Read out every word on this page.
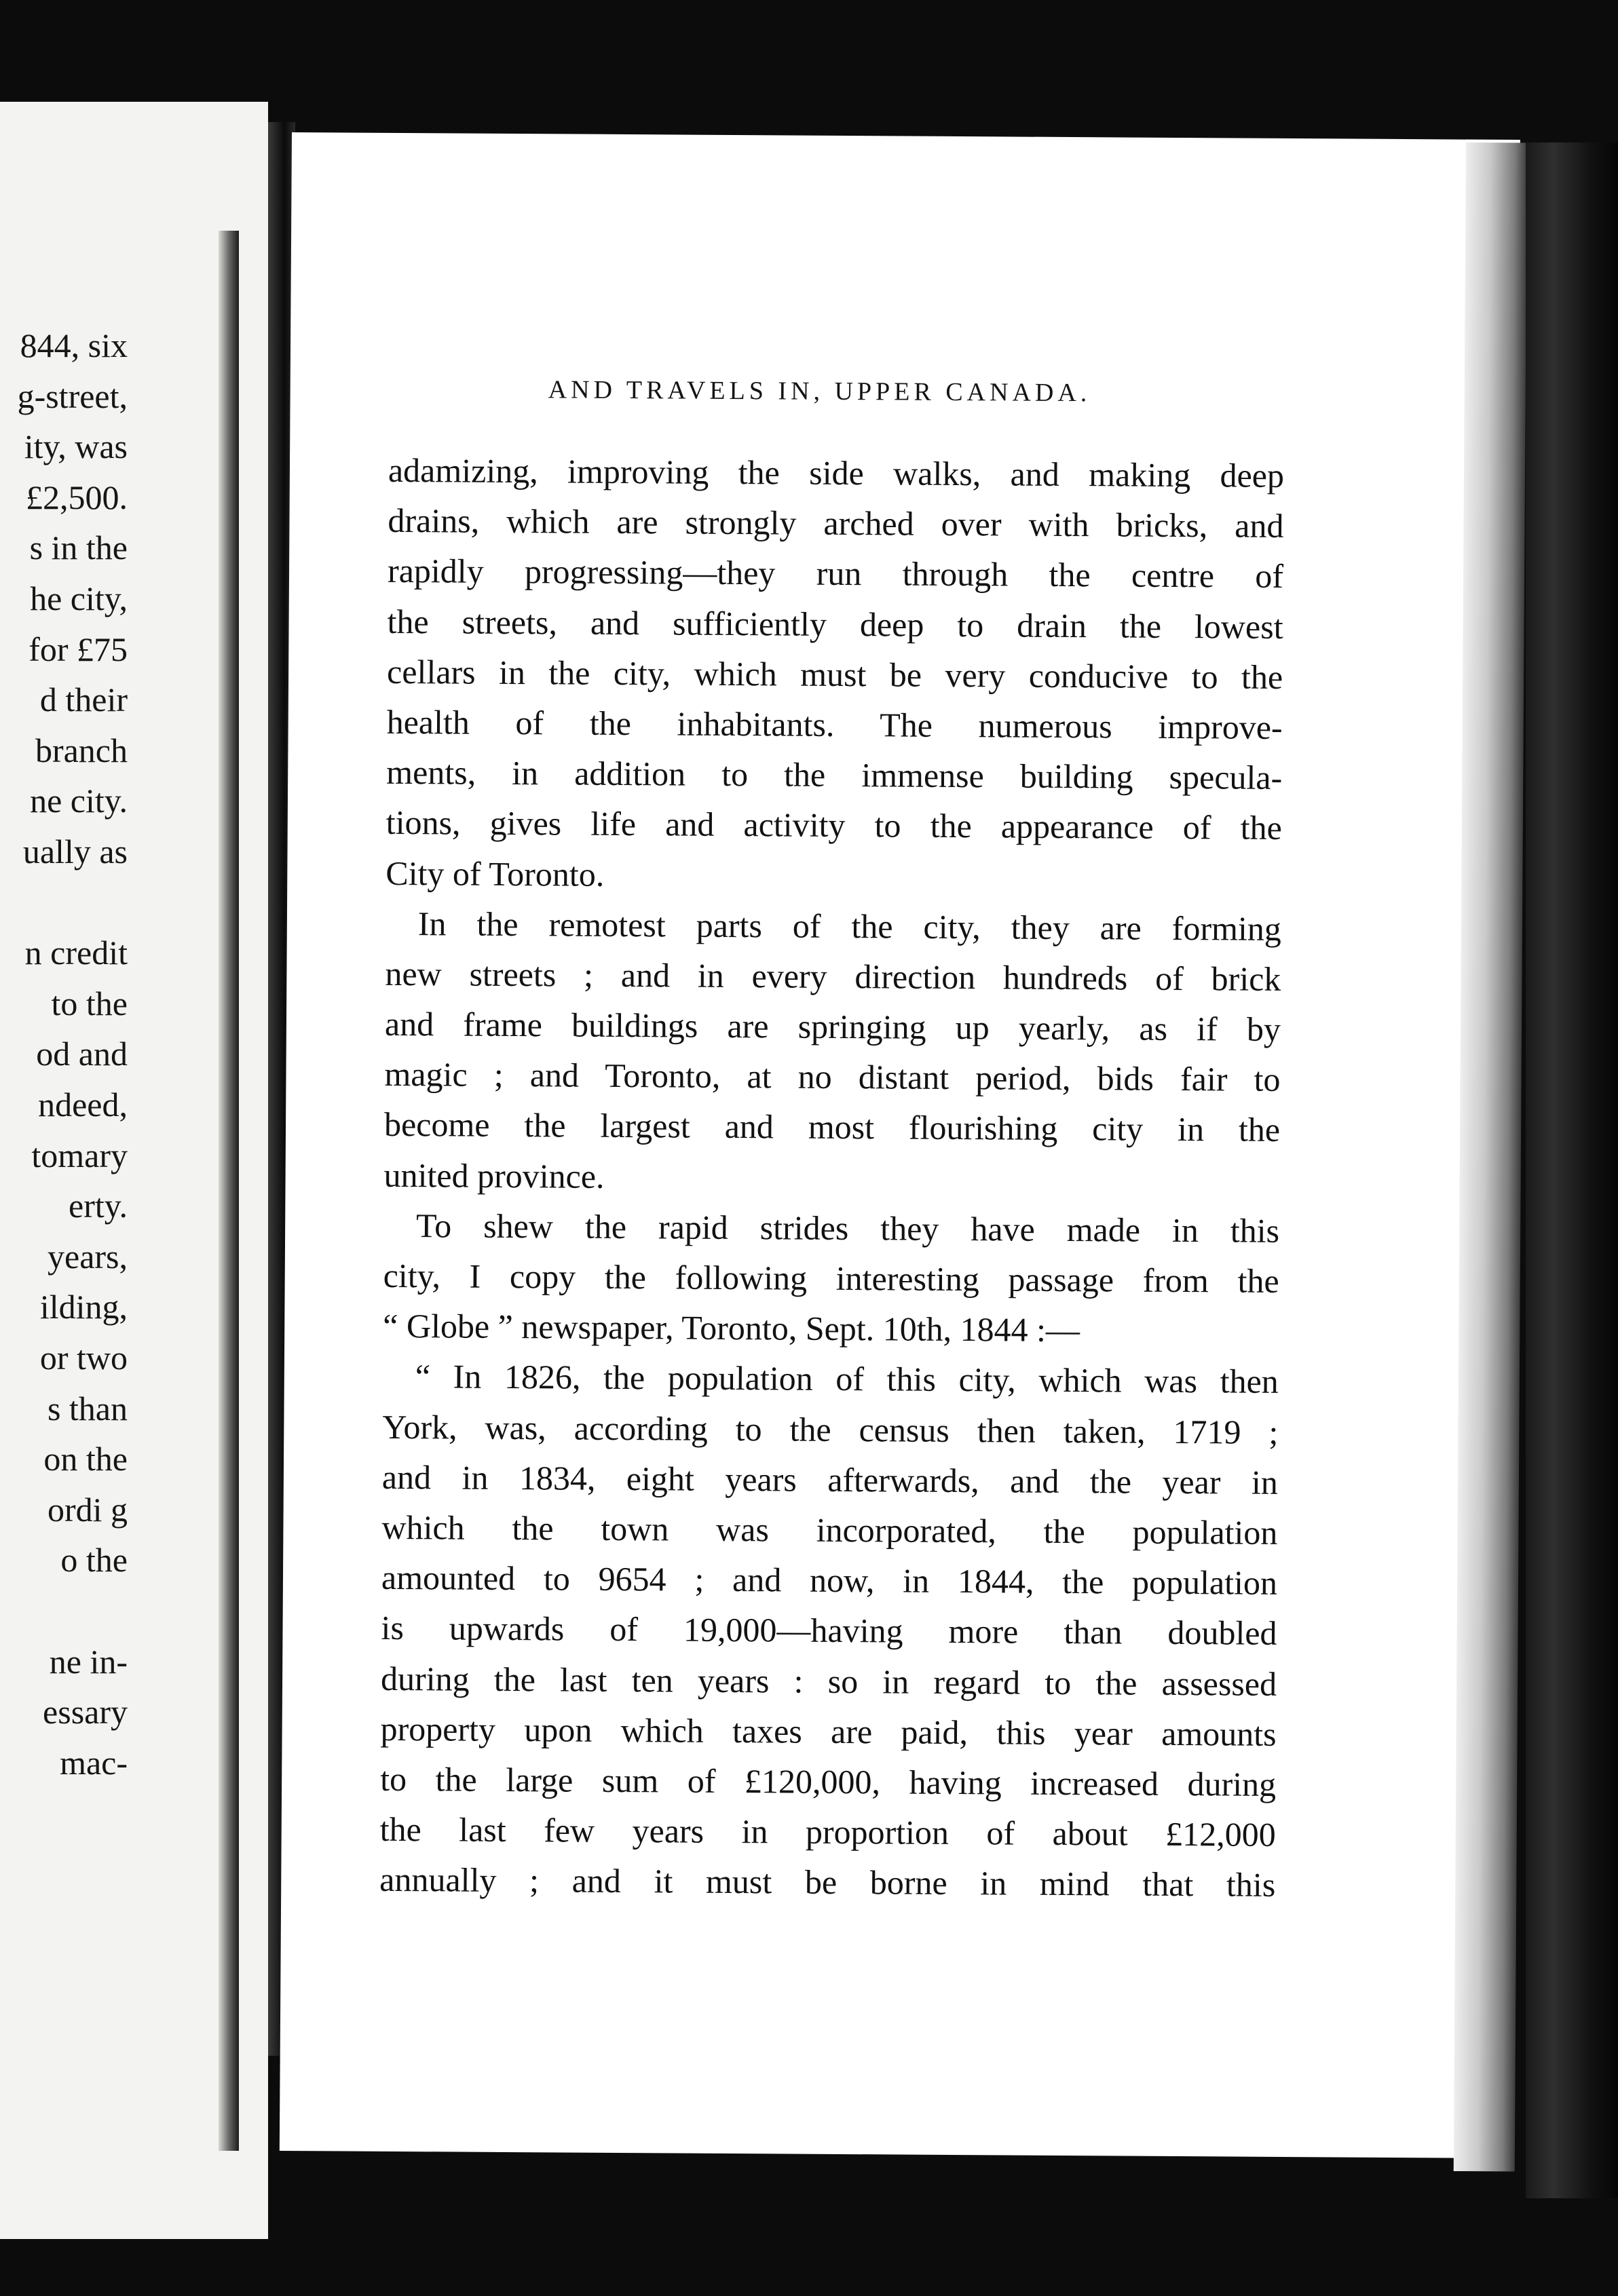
844, six
g-street,
ity, was
£2,500.
s in the
he city,
for £75
d their
branch
ne city.
ually as
n credit
to the
od and
ndeed,
tomary
erty.
years,
ilding,
or two
s than
on the
ordi g
o the
ne in-
essary
mac-
AND TRAVELS IN, UPPER CANADA.
adamizing, improving the side walks, and making deep
drains, which are strongly arched over with bricks, and
rapidly progressing—they run through the centre of
the streets, and sufficiently deep to drain the lowest
cellars in the city, which must be very conducive to the
health of the inhabitants. The numerous improve-
ments, in addition to the immense building specula-
tions, gives life and activity to the appearance of the
City of Toronto.
In the remotest parts of the city, they are forming
new streets ; and in every direction hundreds of brick
and frame buildings are springing up yearly, as if by
magic ; and Toronto, at no distant period, bids fair to
become the largest and most flourishing city in the
united province.
To shew the rapid strides they have made in this
city, I copy the following interesting passage from the
“ Globe ” newspaper, Toronto, Sept. 10th, 1844 :—
“ In 1826, the population of this city, which was then
York, was, according to the census then taken, 1719 ;
and in 1834, eight years afterwards, and the year in
which the town was incorporated, the population
amounted to 9654 ; and now, in 1844, the population
is upwards of 19,000—having more than doubled
during the last ten years : so in regard to the assessed
property upon which taxes are paid, this year amounts
to the large sum of £120,000, having increased during
the last few years in proportion of about £12,000
annually ; and it must be borne in mind that this
